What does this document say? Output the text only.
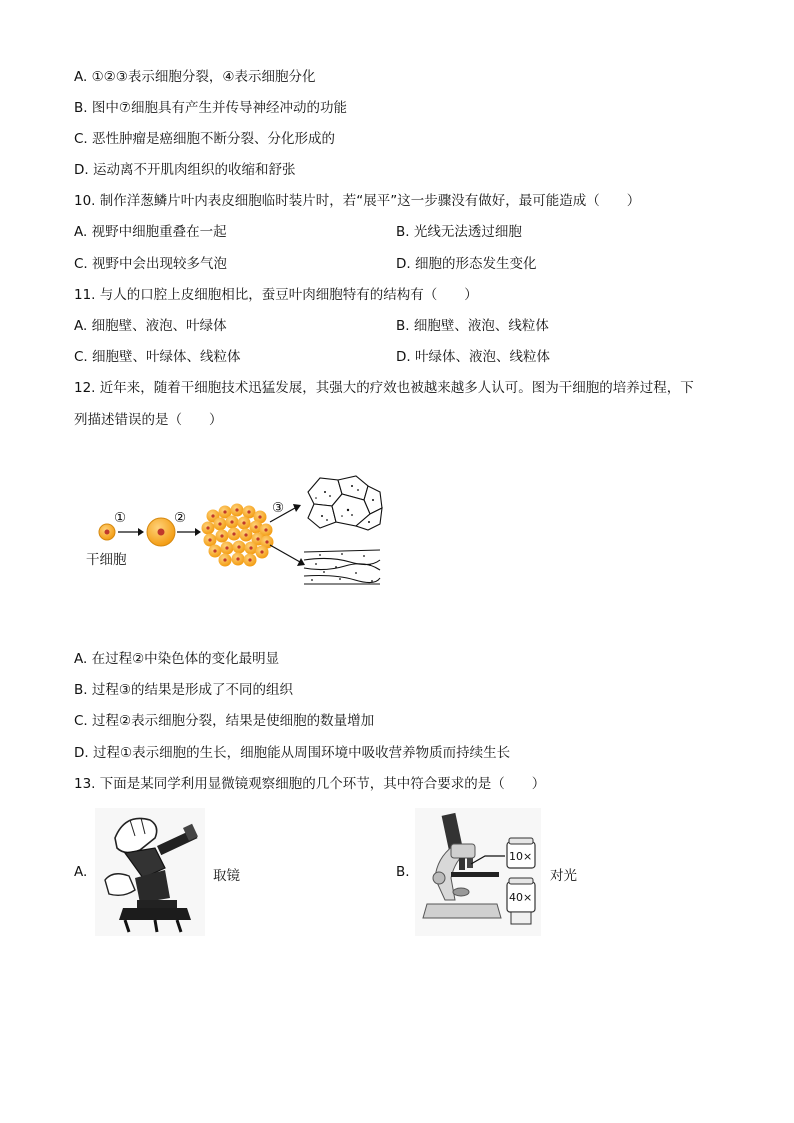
A. ①②③表示细胞分裂，④表示细胞分化
B. 图中⑦细胞具有产生并传导神经冲动的功能
C. 恶性肿瘤是癌细胞不断分裂、分化形成的
D. 运动离不开肌肉组织的收缩和舒张
10. 制作洋葱鳞片叶内表皮细胞临时装片时，若“展平”这一步骤没有做好，最可能造成（　　）
A. 视野中细胞重叠在一起	B. 光线无法透过细胞
C. 视野中会出现较多气泡	D. 细胞的形态发生变化
11. 与人的口腔上皮细胞相比，蚕豆叶肉细胞特有的结构有（　　）
A. 细胞壁、液泡、叶绿体	B. 细胞壁、液泡、线粒体
C. 细胞壁、叶绿体、线粒体	D. 叶绿体、液泡、线粒体
12. 近年来，随着干细胞技术迅猛发展，其强大的疗效也被越来越多人认可。图为干细胞的培养过程，下
列描述错误的是（　　）
①	②
③
干细胞
A. 在过程②中染色体的变化最明显
B. 过程③的结果是形成了不同的组织
C. 过程②表示细胞分裂，结果是使细胞的数量增加
D. 过程①表示细胞的生长，细胞能从周围环境中吸收营养物质而持续生长
13. 下面是某同学利用显微镜观察细胞的几个环节，其中符合要求的是（　　）
A.	取镜	B.
10×
40×
对光
